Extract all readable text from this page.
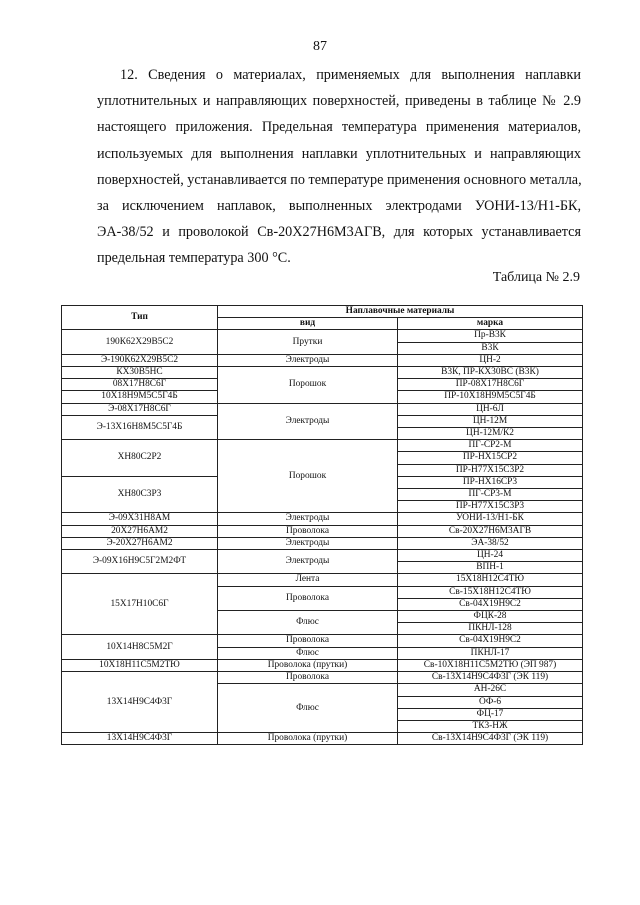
87

12. Сведения о материалах, применяемых для выполнения наплавки
уплотнительных и направляющих поверхностей, приведены в таблице № 2.9
настоящего приложения. Предельная температура применения материалов,
используемых для выполнения наплавки уплотнительных и направляющих
поверхностей, устанавливается по температуре применения основного металла,
за исключением наплавок, выполненных электродами УОНИ-13/Н1-БК,
ЭА-38/52 и проволокой Св-20Х27Н6М3АГВ, для которых устанавливается
предельная температура 300 °С.

Таблица № 2.9
Тип	Наплавочные материалы	
	вид	марка
190К62Х29В5С2	Прутки	Пр-В3К
		В3К
Э-190К62Х29В5С2	Электроды	ЦН-2
КХ30В5НС	Порошок	В3К, ПР-КХ30ВС (В3К)
08Х17Н8С6Г		ПР-08Х17Н8С6Г
10Х18Н9М5С5Г4Б		ПР-10Х18Н9М5С5Г4Б
Э-08Х17Н8С6Г	Электроды	ЦН-6Л
Э-13Х16Н8М5С5Г4Б		ЦН-12М
		ЦН-12М/К2
ХН80С2Р2	Порошок	ПГ-СР2-М
		ПР-НХ15СР2
		ПР-Н77Х15С3Р2
ХН80С3Р3		ПР-НХ16СР3
		ПГ-СР3-М
		ПР-Н77Х15С3Р3
Э-09Х31Н8АМ	Электроды	УОНИ-13/Н1-БК
20Х27Н6АМ2	Проволока	Св-20Х27Н6М3АГВ
Э-20Х27Н6АМ2	Электроды	ЭА-38/52
Э-09Х16Н9С5Г2М2ФТ	Электроды	ЦН-24
		ВПН-1
15Х17Н10С6Г	Лента	15Х18Н12С4ТЮ
	Проволока	Св-15Х18Н12С4ТЮ
		Св-04Х19Н9С2
	Флюс	ФЦК-28
		ПКНЛ-128
10Х14Н8С5М2Г	Проволока	Св-04Х19Н9С2
	Флюс	ПКНЛ-17
10Х18Н11С5М2ТЮ	Проволока (прутки)	Св-10Х18Н11С5М2ТЮ (ЭП 987)
13Х14Н9С4Ф3Г	Проволока	Св-13Х14Н9С4Ф3Г (ЭК 119)
	Флюс	АН-26С
		ОФ-6
		ФЦ-17
		ТК3-НЖ
13Х14Н9С4Ф3Г	Проволока (прутки)	Св-13Х14Н9С4Ф3Г (ЭК 119)
